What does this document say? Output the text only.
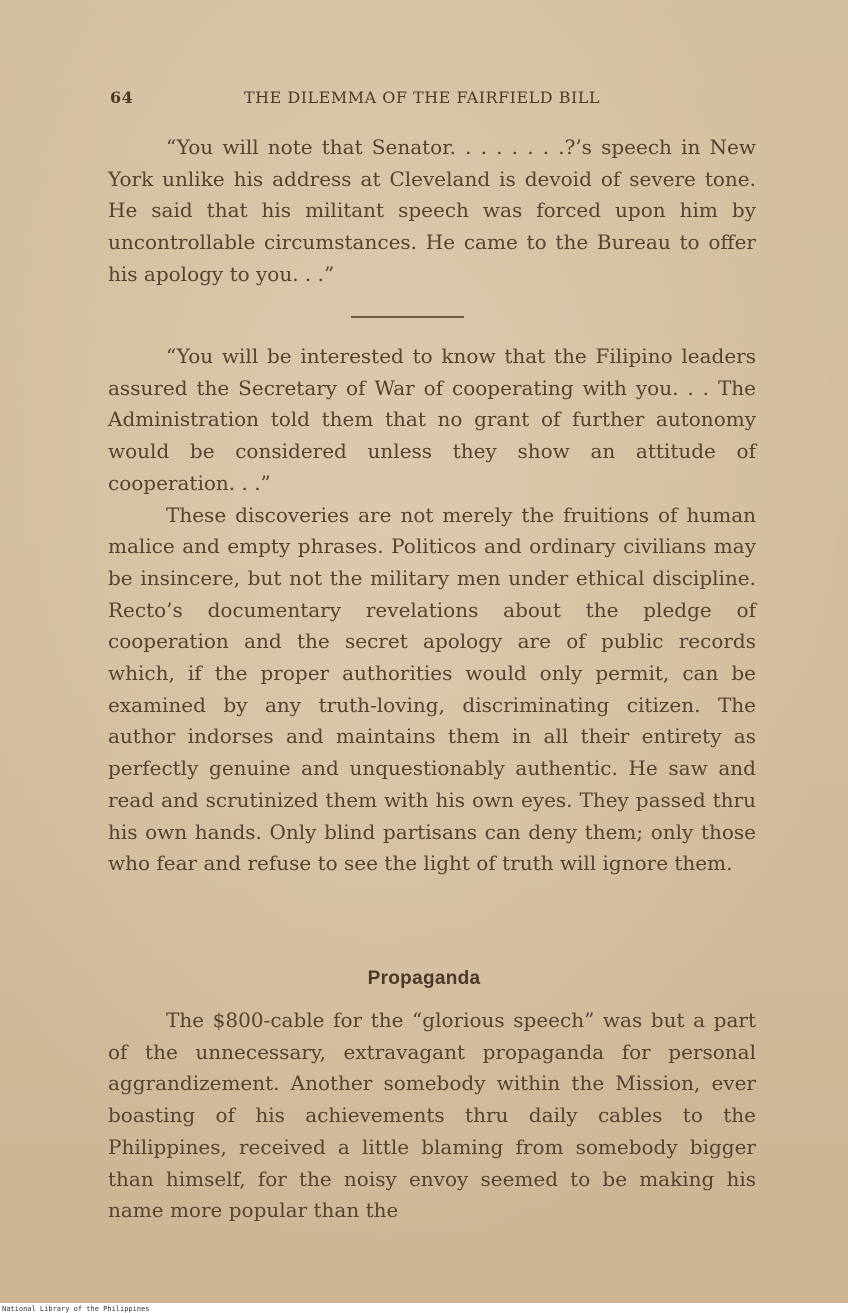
64	THE DILEMMA OF THE FAIRFIELD BILL

“You will note that Senator. . . . . . . .?’s speech in New York unlike his address at Cleveland is devoid of severe tone. He said that his militant speech was forced upon him by uncontrollable circumstances. He came to the Bureau to offer his apology to you. . .”

“You will be interested to know that the Filipino leaders assured the Secretary of War of cooperating with you. . . The Administration told them that no grant of further autonomy would be considered unless they show an attitude of cooperation. . .”

These discoveries are not merely the fruitions of human malice and empty phrases. Politicos and ordinary civilians may be insincere, but not the military men under ethical discipline. Recto’s documentary revelations about the pledge of cooperation and the secret apology are of public records which, if the proper authorities would only permit, can be examined by any truth-loving, discriminating citizen. The author indorses and maintains them in all their entirety as perfectly genuine and unquestionably authentic. He saw and read and scrutinized them with his own eyes. They passed thru his own hands. Only blind partisans can deny them; only those who fear and refuse to see the light of truth will ignore them.

Propaganda

The $800-cable for the “glorious speech” was but a part of the unnecessary, extravagant propaganda for personal aggrandizement. Another somebody within the Mission, ever boasting of his achievements thru daily cables to the Philippines, received a little blaming from somebody bigger than himself, for the noisy envoy seemed to be making his name more popular than the

National Library of the Philippines
